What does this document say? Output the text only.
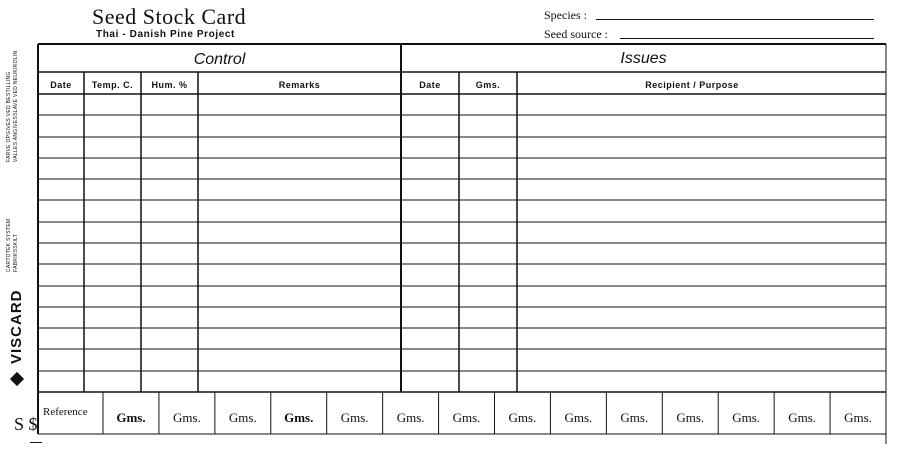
Seed Stock Card
Thai - Danish Pine Project
Species :
Seed source :
Control	Issues
Date	Temp. C.	Hum. %	Remarks	Date	Gms.	Recipient / Purpose
Reference	Gms.	Gms.	Gms.	Gms.	Gms.	Gms.	Gms.	Gms.	Gms.	Gms.	Gms.	Gms.	Gms.	Gms.
FARVE OPGIVES VED BESTILLING VALLES ANGIVESSLAVE VED NEUKIROLIN
CARTOTEK SYSTEM FABRIKSSKILT
VISCARD
S $
